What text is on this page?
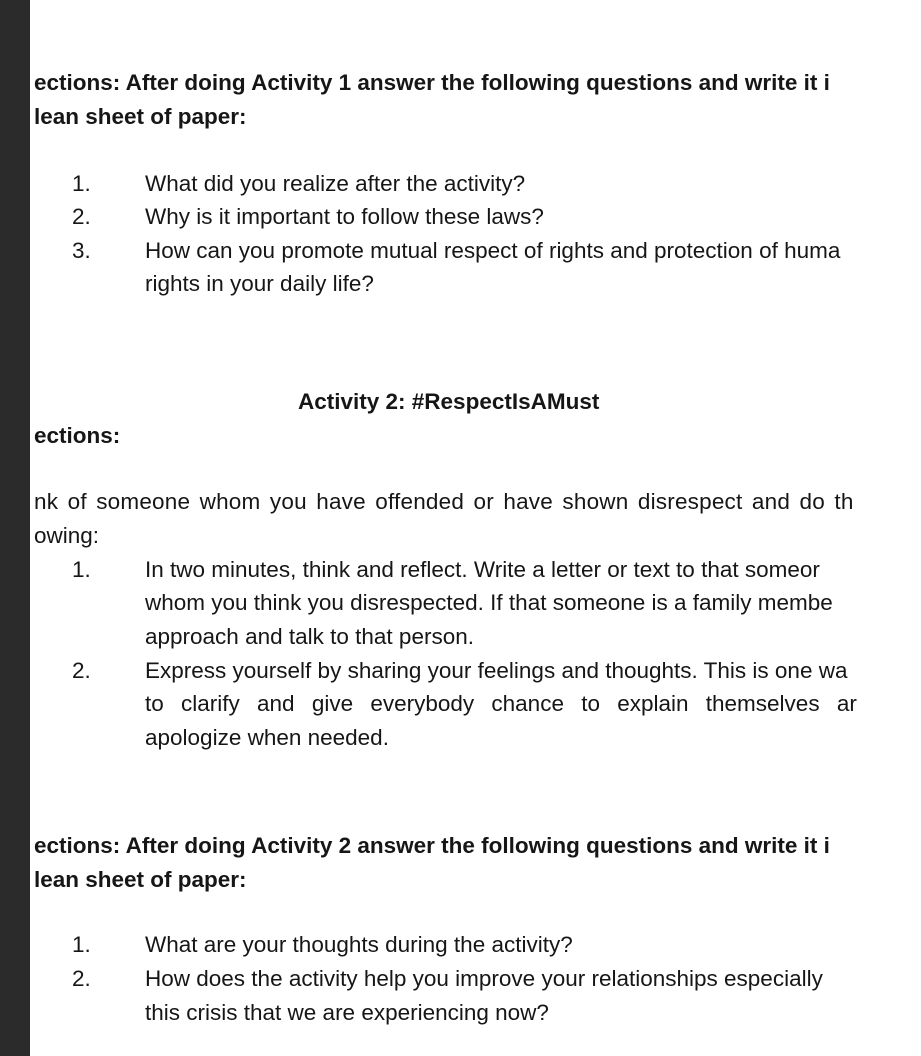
ections: After doing Activity 1 answer the following questions and write it i
lean sheet of paper:
1. What did you realize after the activity?
2. Why is it important to follow these laws?
3. How can you promote mutual respect of rights and protection of huma
rights in your daily life?
Activity 2: #RespectIsAMust
ections:
nk of someone whom you have offended or have shown disrespect and do th
owing:
1. In two minutes, think and reflect. Write a letter or text to that someor
whom you think you disrespected. If that someone is a family membe
approach and talk to that person.
2. Express yourself by sharing your feelings and thoughts. This is one wa
to clarify and give everybody chance to explain themselves ar
apologize when needed.
ections: After doing Activity 2 answer the following questions and write it i
lean sheet of paper:
1. What are your thoughts during the activity?
2. How does the activity help you improve your relationships especially
this crisis that we are experiencing now?
